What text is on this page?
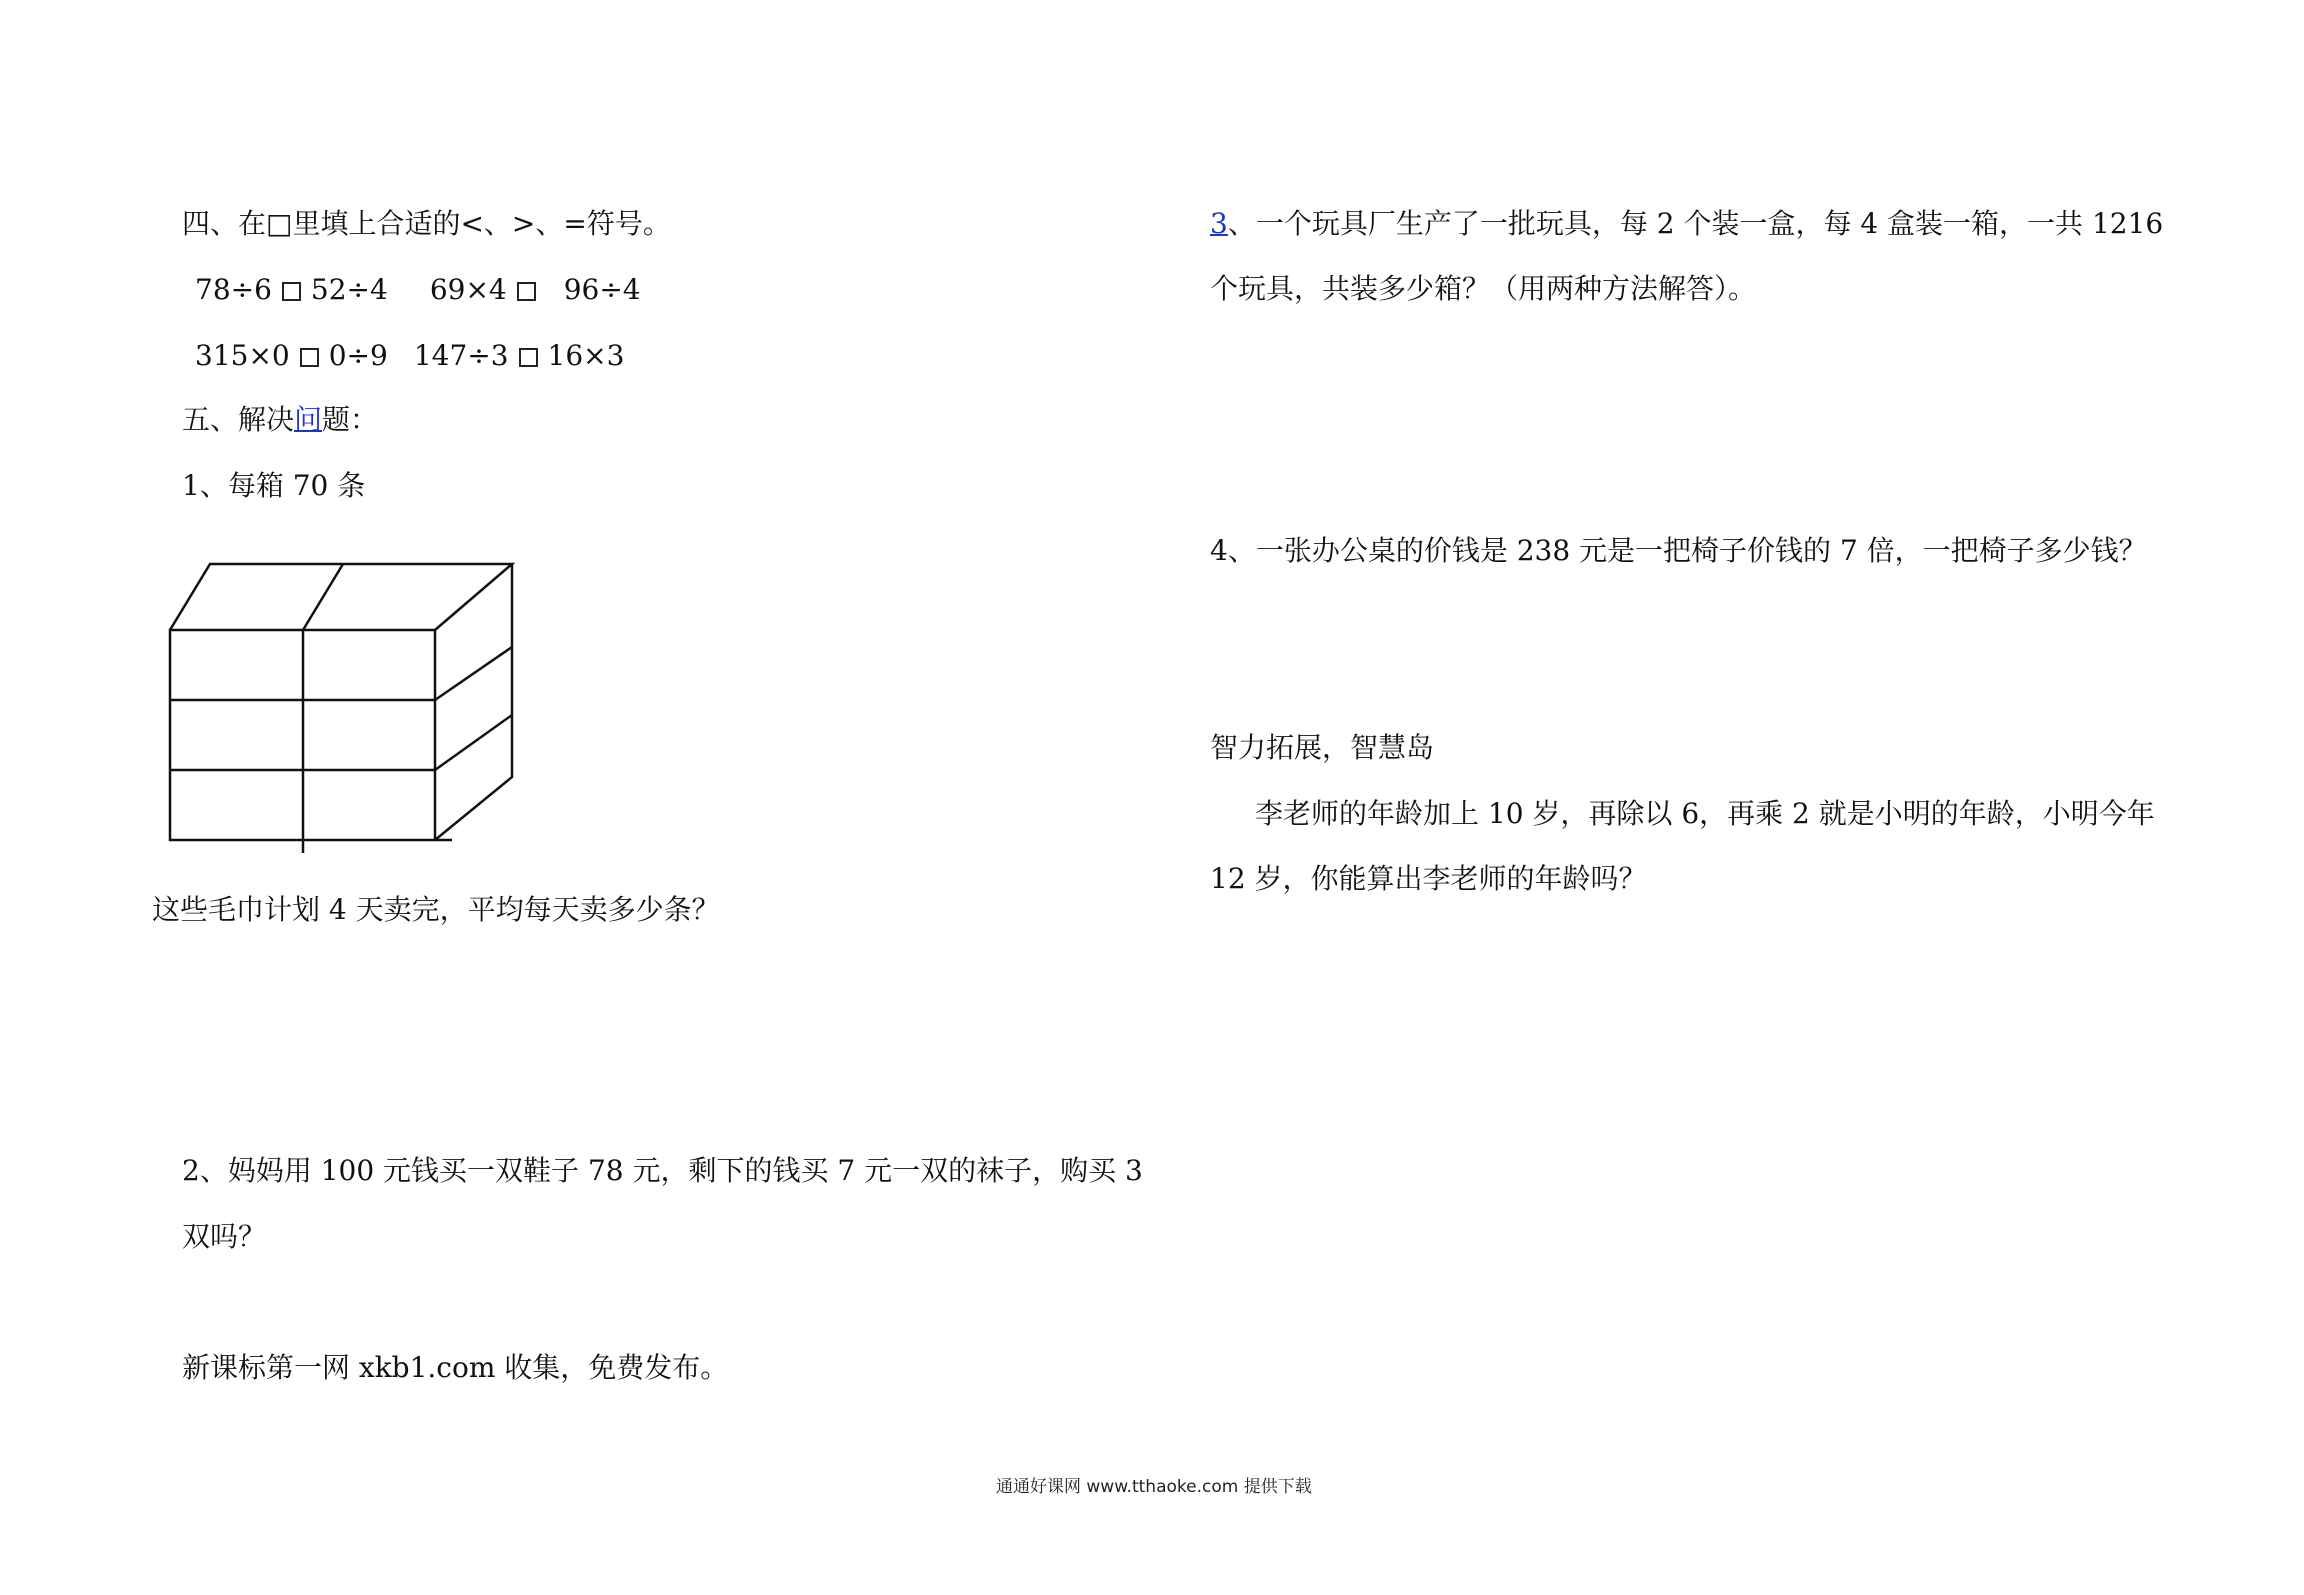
四、在□里填上合适的<、>、=符号。
78÷6 52÷4 69×4 96÷4
315×0 0÷9 147÷3 16×3
五、解决问题：
1、每箱 70 条
这些毛巾计划 4 天卖完，平均每天卖多少条？
2、妈妈用 100 元钱买一双鞋子 78 元，剩下的钱买 7 元一双的袜子，购买 3
双吗？
新课标第一网 xkb1.com 收集，免费发布。
3、一个玩具厂生产了一批玩具，每 2 个装一盒，每 4 盒装一箱，一共 1216
个玩具，共装多少箱？（用两种方法解答）。
4、一张办公桌的价钱是 238 元是一把椅子价钱的 7 倍，一把椅子多少钱？
智力拓展，智慧岛
李老师的年龄加上 10 岁，再除以 6，再乘 2 就是小明的年龄，小明今年
12 岁，你能算出李老师的年龄吗？
通通好课网 www.tthaoke.com 提供下载
